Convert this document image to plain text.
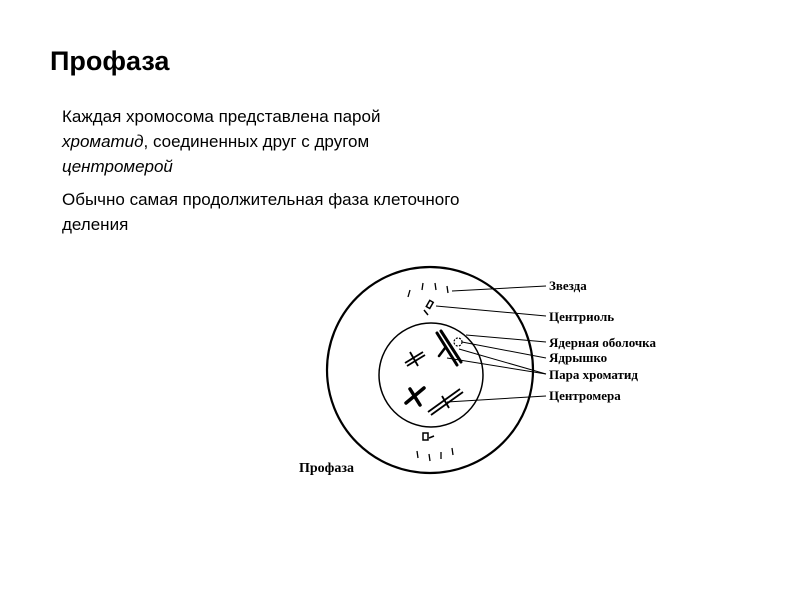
Профаза

Каждая хромосома представлена парой хроматид, соединенных друг с другом центромерой

Обычно самая продолжительная фаза клеточного деления

Звезда
Центриоль
Ядерная оболочка
Ядрышко
Пара хроматид
Центромера
Профаза
